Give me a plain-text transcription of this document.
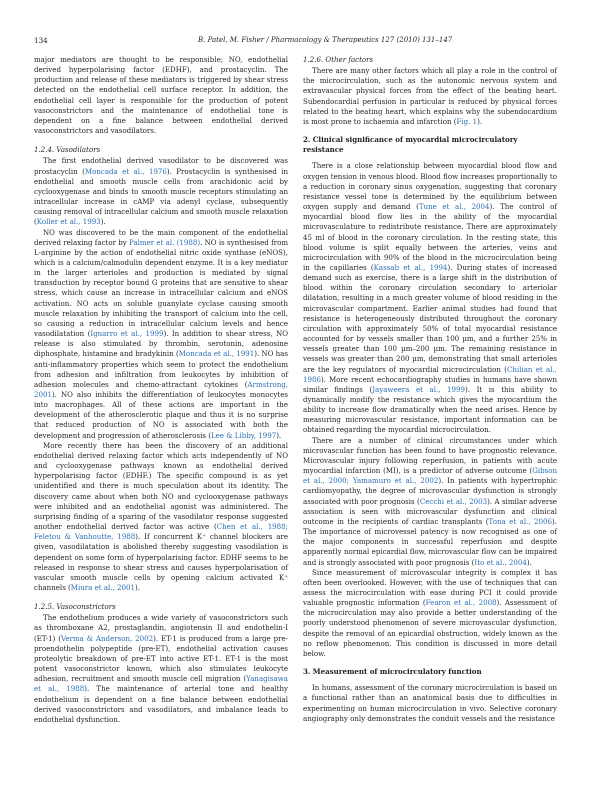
134	B. Patel, M. Fisher / Pharmacology & Therapeutics 127 (2010) 131–147

major mediators are thought to be responsible; NO, endothelial derived hyperpolarising factor (EDHF), and prostacyclin. The production and release of these mediators is triggered by shear stress detected on the endothelial cell surface receptor. In addition, the endothelial cell layer is responsible for the production of potent vasoconstrictors and the maintenance of endothelial tone is dependent on a fine balance between endothelial derived vasoconstrictors and vasodilators.

1.2.4. Vasodilators

The first endothelial derived vasodilator to be discovered was prostacyclin (Moncada et al., 1976). Prostacyclin is synthesised in endothelial and smooth muscle cells from arachidonic acid by cyclooxygenase and binds to smooth muscle receptors stimulating an intracellular increase in cAMP via adenyl cyclase, subsequently causing removal of intracellular calcium and smooth muscle relaxation (Koller et al., 1993).

NO was discovered to be the main component of the endothelial derived relaxing factor by Palmer et al. (1988). NO is synthesised from L-arginine by the action of endothelial nitric oxide synthase (eNOS), which is a calcium/calmodulin dependent enzyme. It is a key mediator in the larger arterioles and production is mediated by signal transduction by receptor bound G proteins that are sensitive to shear stress, which cause an increase in intracellular calcium and eNOS activation. NO acts on soluble guanylate cyclase causing smooth muscle relaxation by inhibiting the transport of calcium into the cell, so causing a reduction in intracellular calcium levels and hence vasodilatation (Ignarro et al., 1999). In addition to shear stress, NO release is also stimulated by thrombin, serotonin, adenosine diphosphate, histamine and bradykinin (Moncada et al., 1991). NO has anti-inflammatory properties which seem to protect the endothelium from adhesion and infiltration from leukocytes by inhibition of adhesion molecules and chemo-attractant cytokines (Armstrong, 2001). NO also inhibits the differentiation of leukocytes monocytes into macrophages. All of these actions are important in the development of the atherosclerotic plaque and thus it is no surprise that reduced production of NO is associated with both the development and progression of atherosclerosis (Lee & Libby, 1997).

More recently there has been the discovery of an additional endothelial derived relaxing factor which acts independently of NO and cyclooxygenase pathways known as endothelial derived hyperpolarising factor (EDHF.) The specific compound is as yet unidentified and there is much speculation about its identity. The discovery came about when both NO and cyclooxygenase pathways were inhibited and an endothelial agonist was administered. The surprising finding of a sparing of the vasodilator response suggested another endothelial derived factor was active (Chen et al., 1988; Feletou & Vanhoutte, 1988). If concurrent K⁺ channel blockers are given, vasodilatation is abolished thereby suggesting vasodilation is dependent on some form of hyperpolarising factor. EDHF seems to be released in response to shear stress and causes hyperpolarisation of vascular smooth muscle cells by opening calcium activated K⁺ channels (Miura et al., 2001).

1.2.5. Vasoconstrictors

The endothelium produces a wide variety of vasoconstrictors such as thromboxane A2, prostaglandin, angiotensin II and endothelin-I (ET-1) (Verma & Anderson, 2002). ET-1 is produced from a large pre-proendothelin polypeptide (pre-ET), endothelial activation causes proteolytic breakdown of pre-ET into active ET-1. ET-1 is the most potent vasoconstrictor known, which also stimulates leukocyte adhesion, recruitment and smooth muscle cell migration (Yanagisawa et al., 1988). The maintenance of arterial tone and healthy endothelium is dependent on a fine balance between endothelial derived vasoconstrictors and vasodilators, and imbalance leads to endothelial dysfunction.

1.2.6. Other factors

There are many other factors which all play a role in the control of the microcirculation, such as the autonomic nervous system and extravascular physical forces from the effect of the beating heart. Subendocardial perfusion in particular is reduced by physical forces related to the beating heart, which explains why the subendocardium is most prone to ischaemia and infarction (Fig. 1).

2. Clinical significance of myocardial microcirculatory resistance

There is a close relationship between myocardial blood flow and oxygen tension in venous blood. Blood flow increases proportionally to a reduction in coronary sinus oxygenation, suggesting that coronary resistance vessel tone is determined by the equilibrium between oxygen supply and demand (Tune et al., 2004). The control of myocardial blood flow lies in the ability of the myocardial microvasculature to redistribute resistance. There are approximately 45 ml of blood in the coronary circulation. In the resting state, this blood volume is split equally between the arteries, veins and microcirculation with 90% of the blood in the microcirculation being in the capillaries (Kassab et al., 1994). During states of increased demand such as exercise, there is a large shift in the distribution of blood within the coronary circulation secondary to arteriolar dilatation, resulting in a much greater volume of blood residing in the microvascular compartment. Earlier animal studies had found that resistance is heterogeneously distributed throughout the coronary circulation with approximately 50% of total myocardial resistance accounted for by vessels smaller than 100 µm, and a further 25% in vessels greater than 100 µm–200 µm. The remaining resistance in vessels was greater than 200 µm, demonstrating that small arterioles are the key regulators of myocardial microcirculation (Chilian et al., 1986). More recent echocardiography studies in humans have shown similar findings (Jayaweera et al., 1999). It is this ability to dynamically modify the resistance which gives the myocardium the ability to increase flow dramatically when the need arises. Hence by measuring microvascular resistance, important information can be obtained regarding the myocardial microcirculation.

There are a number of clinical circumstances under which microvascular function has been found to have prognostic relevance. Microvascular injury following reperfusion, in patients with acute myocardial infarction (MI), is a predictor of adverse outcome (Gibson et al., 2000; Yamamuro et al., 2002). In patients with hypertrophic cardiomyopathy, the degree of microvascular dysfunction is strongly associated with poor prognosis (Cecchi et al., 2003). A similar adverse association is seen with microvascular dysfunction and clinical outcome in the recipients of cardiac transplants (Tona et al., 2006). The importance of microvessel patency is now recognised as one of the major components in successful reperfusion and despite apparently normal epicardial flow, microvascular flow can be impaired and is strongly associated with poor prognosis (Ito et al., 2004).

Since measurement of microvascular integrity is complex it has often been overlooked. However, with the use of techniques that can assess the microcirculation with ease during PCI it could provide valuable prognostic information (Fearon et al., 2008). Assessment of the microcirculation may also provide a better understanding of the poorly understood phenomenon of severe microvascular dysfunction, despite the removal of an epicardial obstruction, widely known as the no reflow phenomenon. This condition is discussed in more detail below.

3. Measurement of microcirculatory function

In humans, assessment of the coronary microcirculation is based on a functional rather than an anatomical basis due to difficulties in experimenting on human microcirculation in vivo. Selective coronary angiography only demonstrates the conduit vessels and the resistance
